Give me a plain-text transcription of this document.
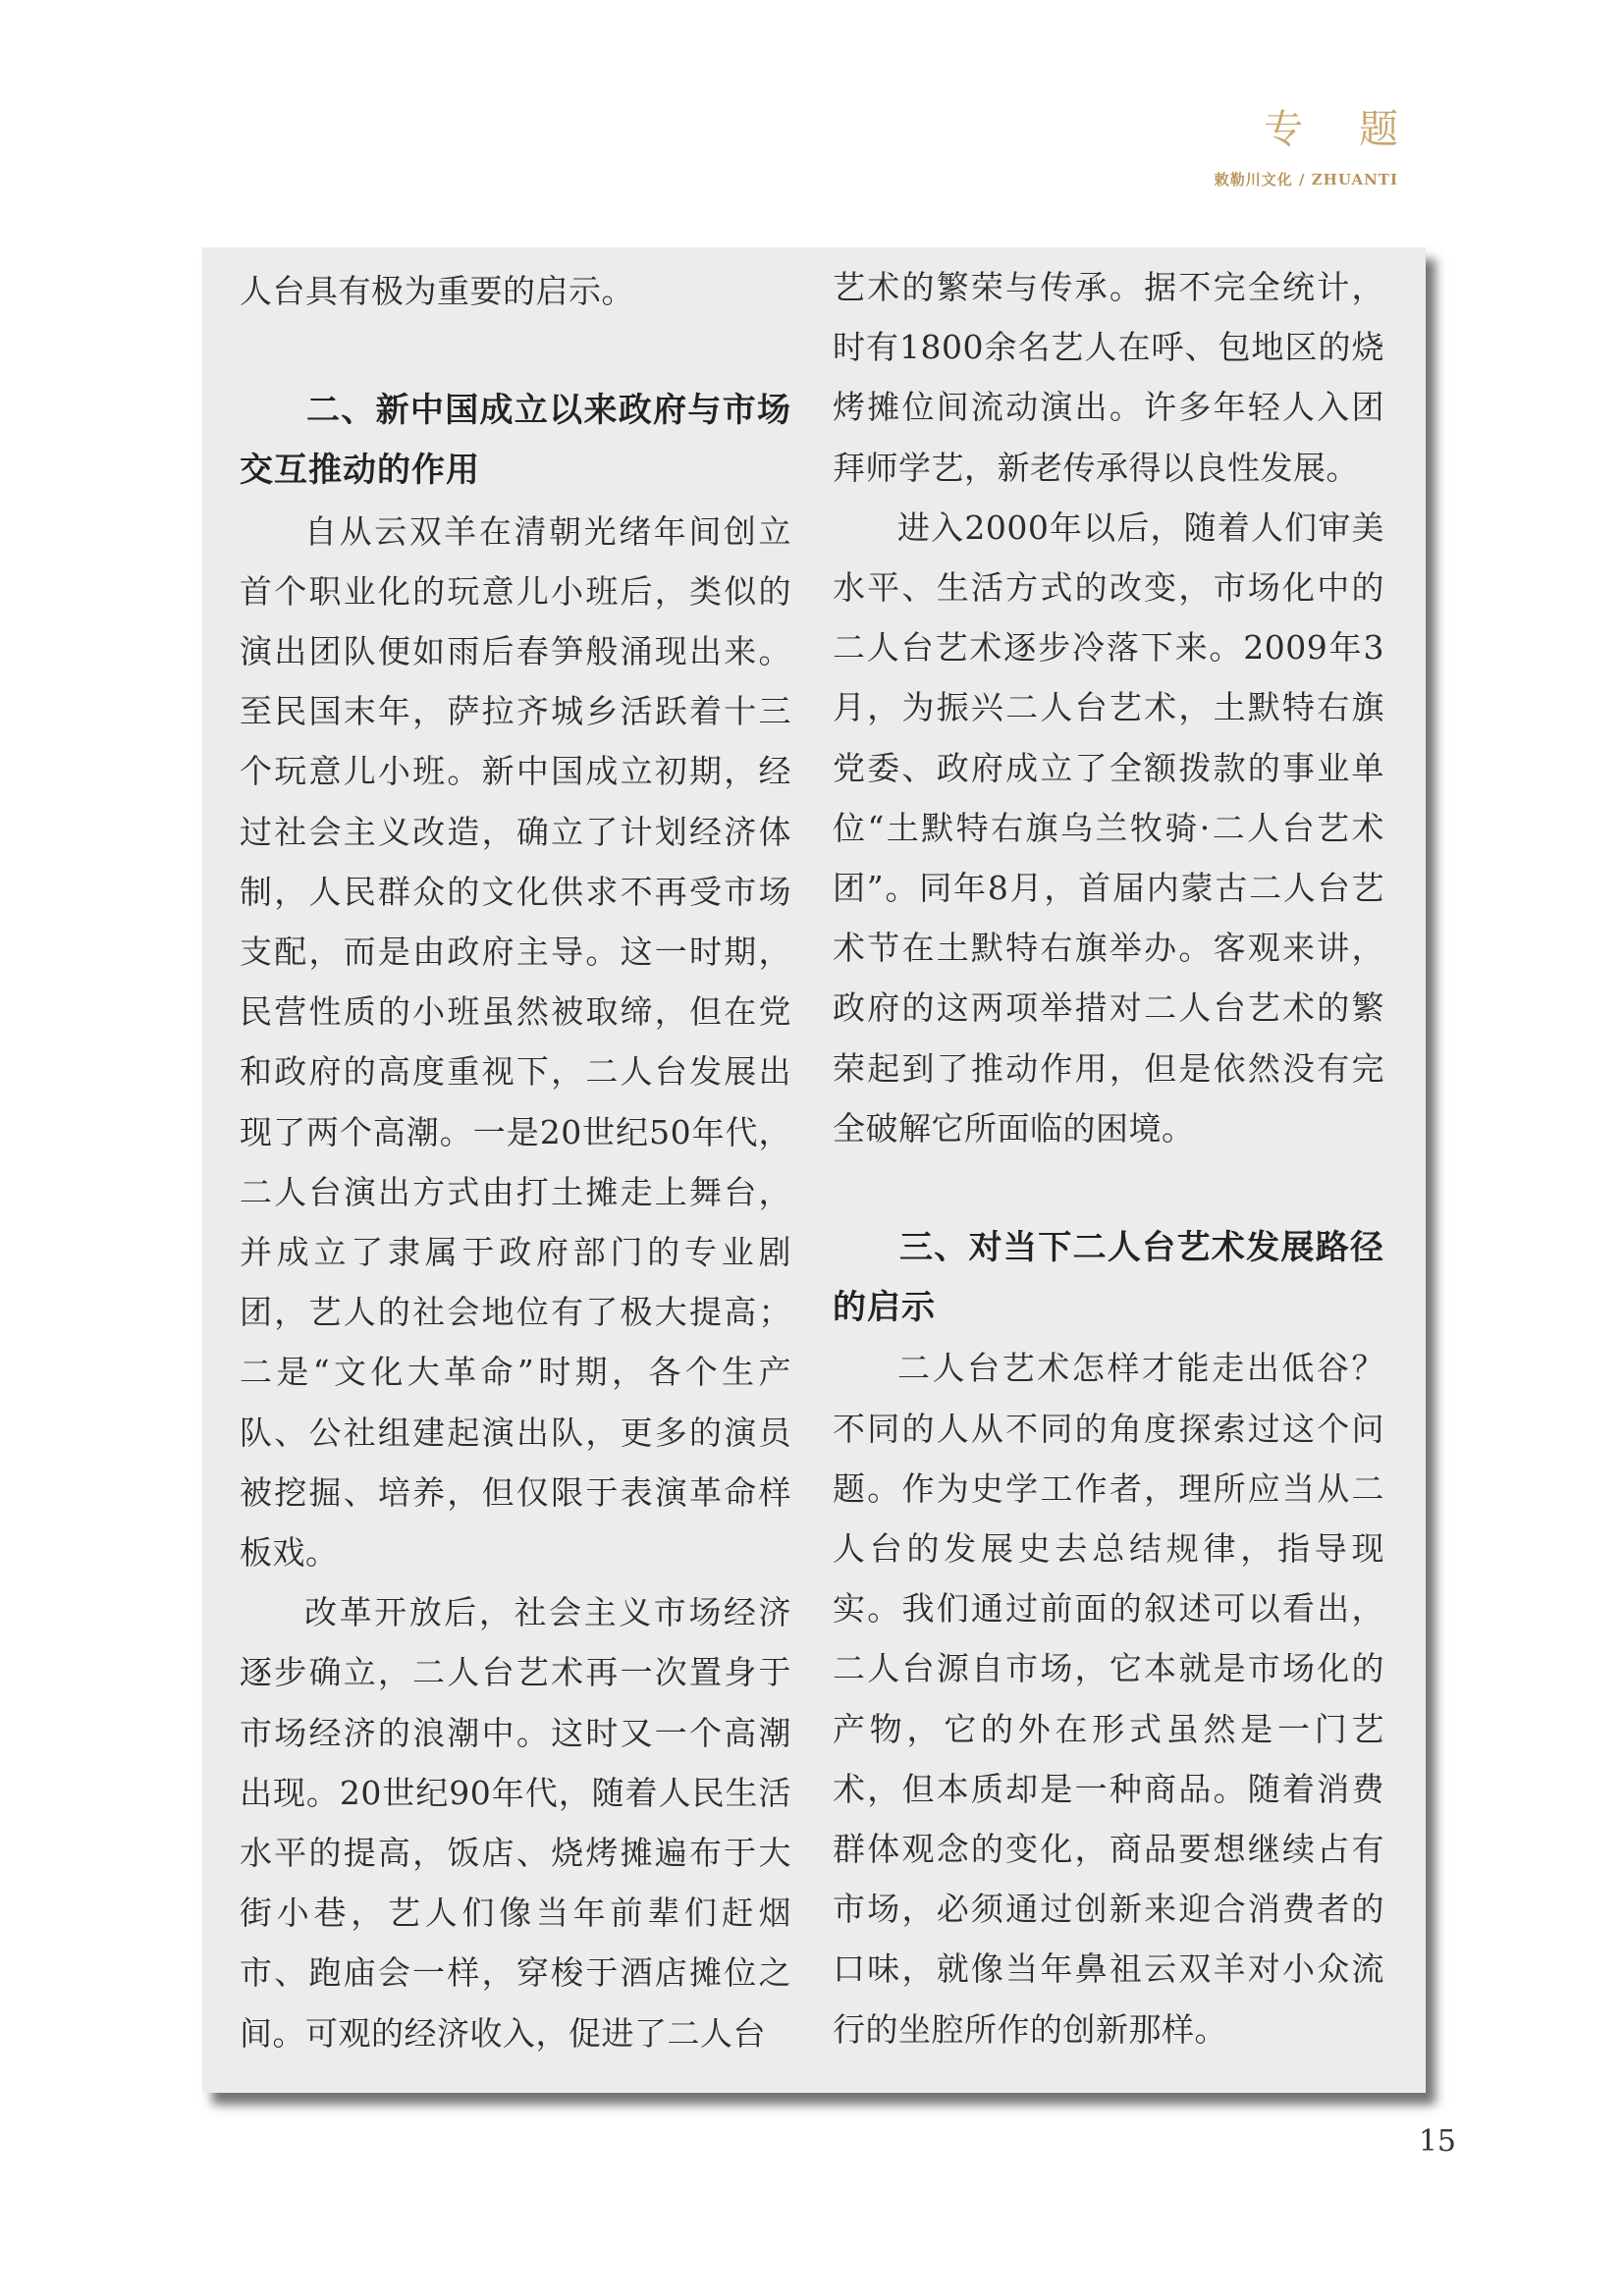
专 题
敕勒川文化 / ZHUANTI

人台具有极为重要的启示。

二、新中国成立以来政府与市场交互推动的作用

自从云双羊在清朝光绪年间创立首个职业化的玩意儿小班后，类似的演出团队便如雨后春笋般涌现出来。至民国末年，萨拉齐城乡活跃着十三个玩意儿小班。新中国成立初期，经过社会主义改造，确立了计划经济体制，人民群众的文化供求不再受市场支配，而是由政府主导。这一时期，民营性质的小班虽然被取缔，但在党和政府的高度重视下，二人台发展出现了两个高潮。一是20世纪50年代，二人台演出方式由打土摊走上舞台，并成立了隶属于政府部门的专业剧团，艺人的社会地位有了极大提高；二是“文化大革命”时期，各个生产队、公社组建起演出队，更多的演员被挖掘、培养，但仅限于表演革命样板戏。

改革开放后，社会主义市场经济逐步确立，二人台艺术再一次置身于市场经济的浪潮中。这时又一个高潮出现。20世纪90年代，随着人民生活水平的提高，饭店、烧烤摊遍布于大街小巷，艺人们像当年前辈们赶烟市、跑庙会一样，穿梭于酒店摊位之间。可观的经济收入，促进了二人台

艺术的繁荣与传承。据不完全统计，时有1800余名艺人在呼、包地区的烧烤摊位间流动演出。许多年轻人入团拜师学艺，新老传承得以良性发展。

进入2000年以后，随着人们审美水平、生活方式的改变，市场化中的二人台艺术逐步冷落下来。2009年3月，为振兴二人台艺术，土默特右旗党委、政府成立了全额拨款的事业单位“土默特右旗乌兰牧骑·二人台艺术团”。同年8月，首届内蒙古二人台艺术节在土默特右旗举办。客观来讲，政府的这两项举措对二人台艺术的繁荣起到了推动作用，但是依然没有完全破解它所面临的困境。

三、对当下二人台艺术发展路径的启示

二人台艺术怎样才能走出低谷？不同的人从不同的角度探索过这个问题。作为史学工作者，理所应当从二人台的发展史去总结规律，指导现实。我们通过前面的叙述可以看出，二人台源自市场，它本就是市场化的产物，它的外在形式虽然是一门艺术，但本质却是一种商品。随着消费群体观念的变化，商品要想继续占有市场，必须通过创新来迎合消费者的口味，就像当年鼻祖云双羊对小众流行的坐腔所作的创新那样。

15
